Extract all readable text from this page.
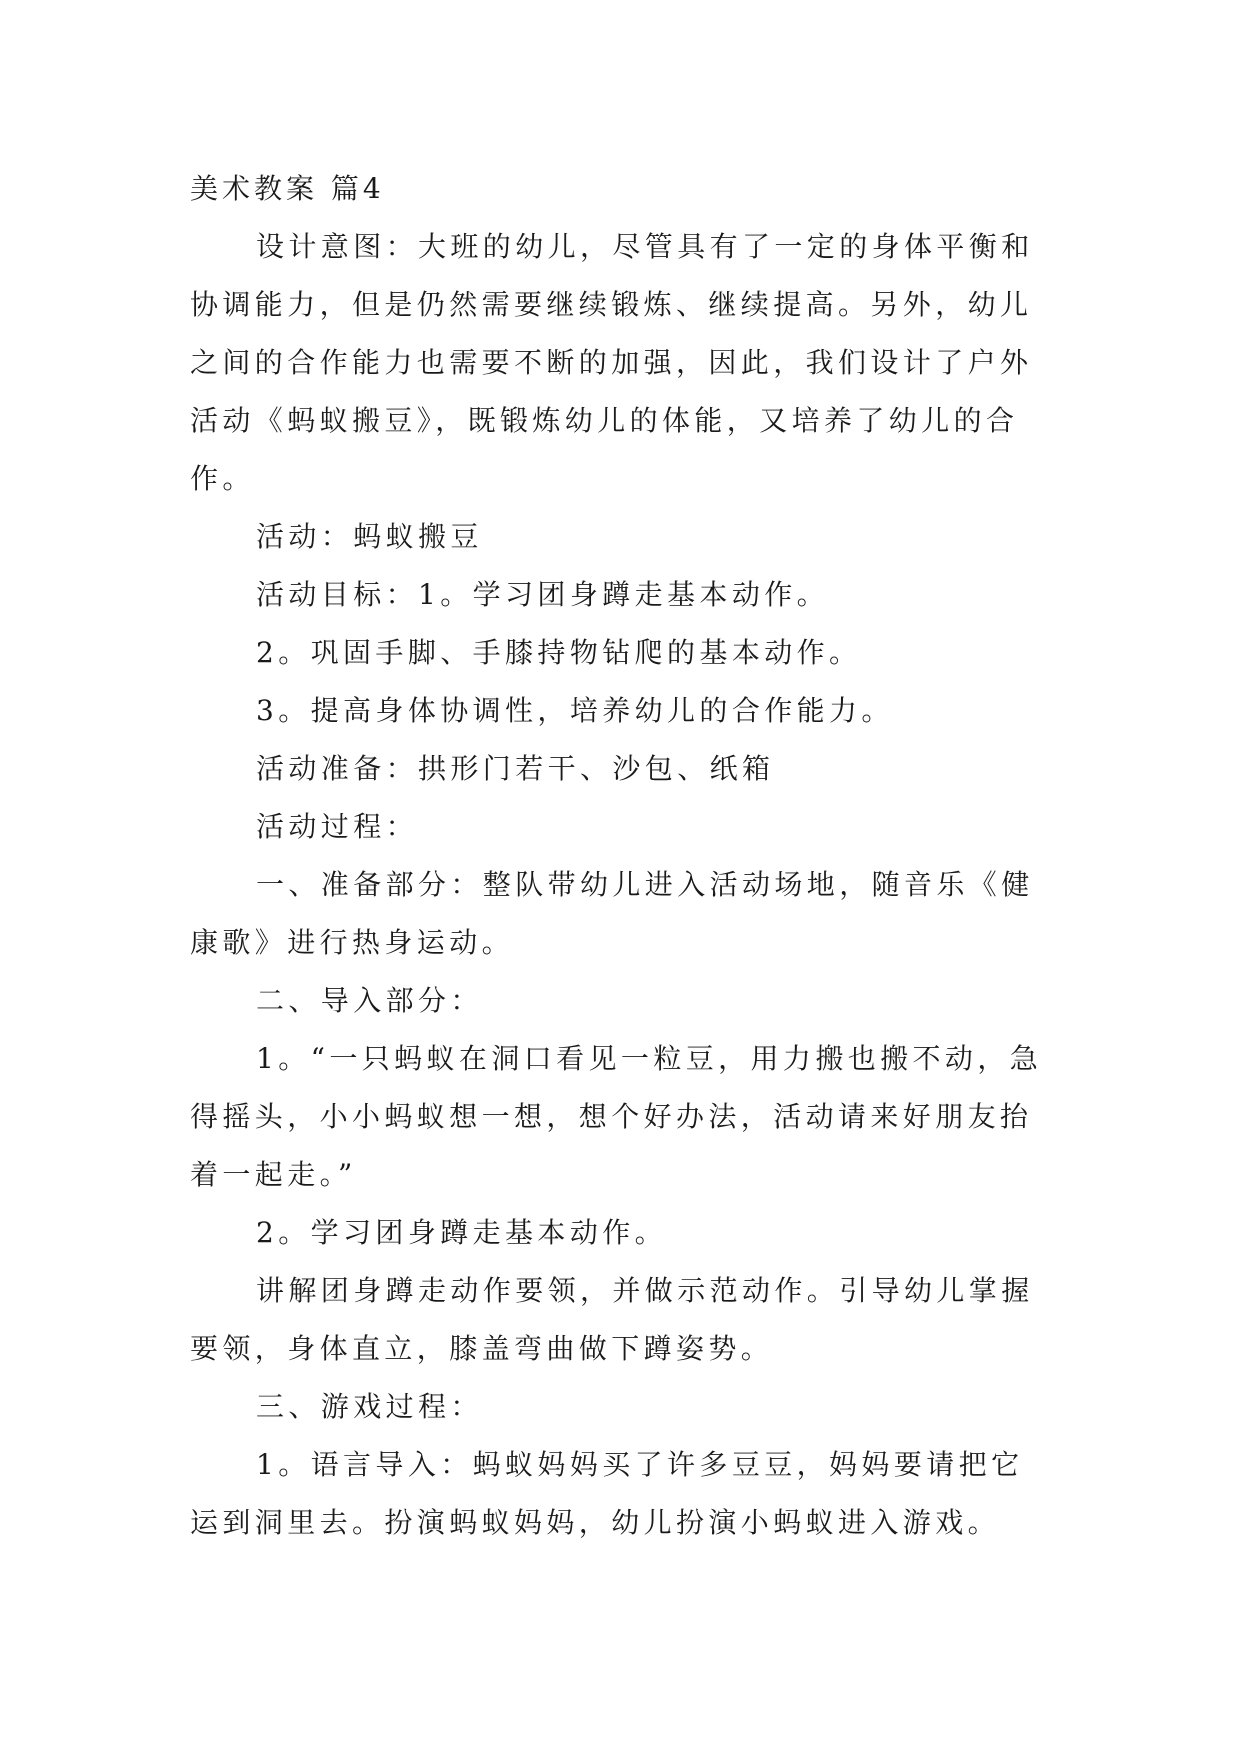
美术教案 篇4

设计意图：大班的幼儿，尽管具有了一定的身体平衡和协调能力，但是仍然需要继续锻炼、继续提高。另外，幼儿之间的合作能力也需要不断的加强，因此，我们设计了户外活动《蚂蚁搬豆》，既锻炼幼儿的体能，又培养了幼儿的合作。

活动：蚂蚁搬豆

活动目标：1。学习团身蹲走基本动作。

2。巩固手脚、手膝持物钻爬的基本动作。

3。提高身体协调性，培养幼儿的合作能力。

活动准备：拱形门若干、沙包、纸箱

活动过程：

一、准备部分：整队带幼儿进入活动场地，随音乐《健康歌》进行热身运动。

二、导入部分：

1。“一只蚂蚁在洞口看见一粒豆，用力搬也搬不动，急得摇头，小小蚂蚁想一想，想个好办法，活动请来好朋友抬着一起走。”

2。学习团身蹲走基本动作。

讲解团身蹲走动作要领，并做示范动作。引导幼儿掌握要领，身体直立，膝盖弯曲做下蹲姿势。

三、游戏过程：

1。语言导入：蚂蚁妈妈买了许多豆豆，妈妈要请把它运到洞里去。扮演蚂蚁妈妈，幼儿扮演小蚂蚁进入游戏。
